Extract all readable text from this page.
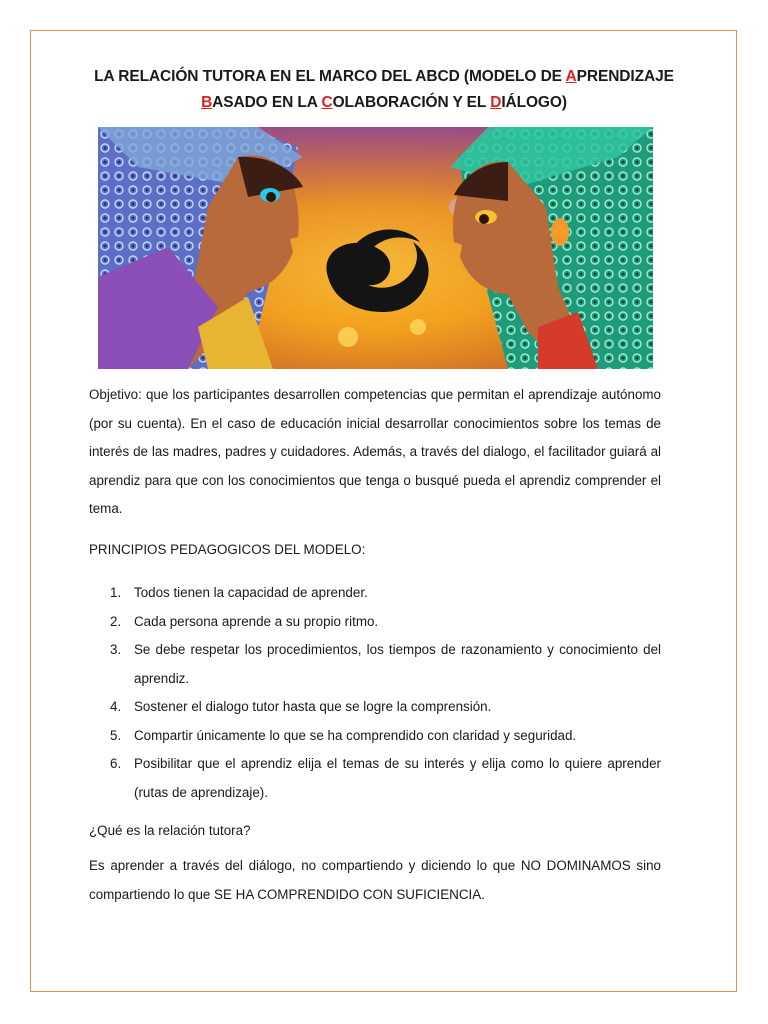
LA RELACIÓN TUTORA EN EL MARCO DEL ABCD (MODELO DE APRENDIZAJE
BASADO EN LA COLABORACIÓN Y EL DIÁLOGO)
Objetivo: que los participantes desarrollen competencias que permitan el aprendizaje autónomo (por su cuenta). En el caso de educación inicial desarrollar conocimientos sobre los temas de interés de las madres, padres y cuidadores. Además, a través del dialogo, el facilitador guiará al aprendiz para que con los conocimientos que tenga o busqué pueda el aprendiz comprender el tema.
PRINCIPIOS PEDAGOGICOS DEL MODELO:
1. Todos tienen la capacidad de aprender.
2. Cada persona aprende a su propio ritmo.
3. Se debe respetar los procedimientos, los tiempos de razonamiento y conocimiento del aprendiz.
4. Sostener el dialogo tutor hasta que se logre la comprensión.
5. Compartir únicamente lo que se ha comprendido con claridad y seguridad.
6. Posibilitar que el aprendiz elija el temas de su interés y elija como lo quiere aprender (rutas de aprendizaje).
¿Qué es la relación tutora?
Es aprender a través del diálogo, no compartiendo y diciendo lo que NO DOMINAMOS sino compartiendo lo que SE HA COMPRENDIDO CON SUFICIENCIA.
